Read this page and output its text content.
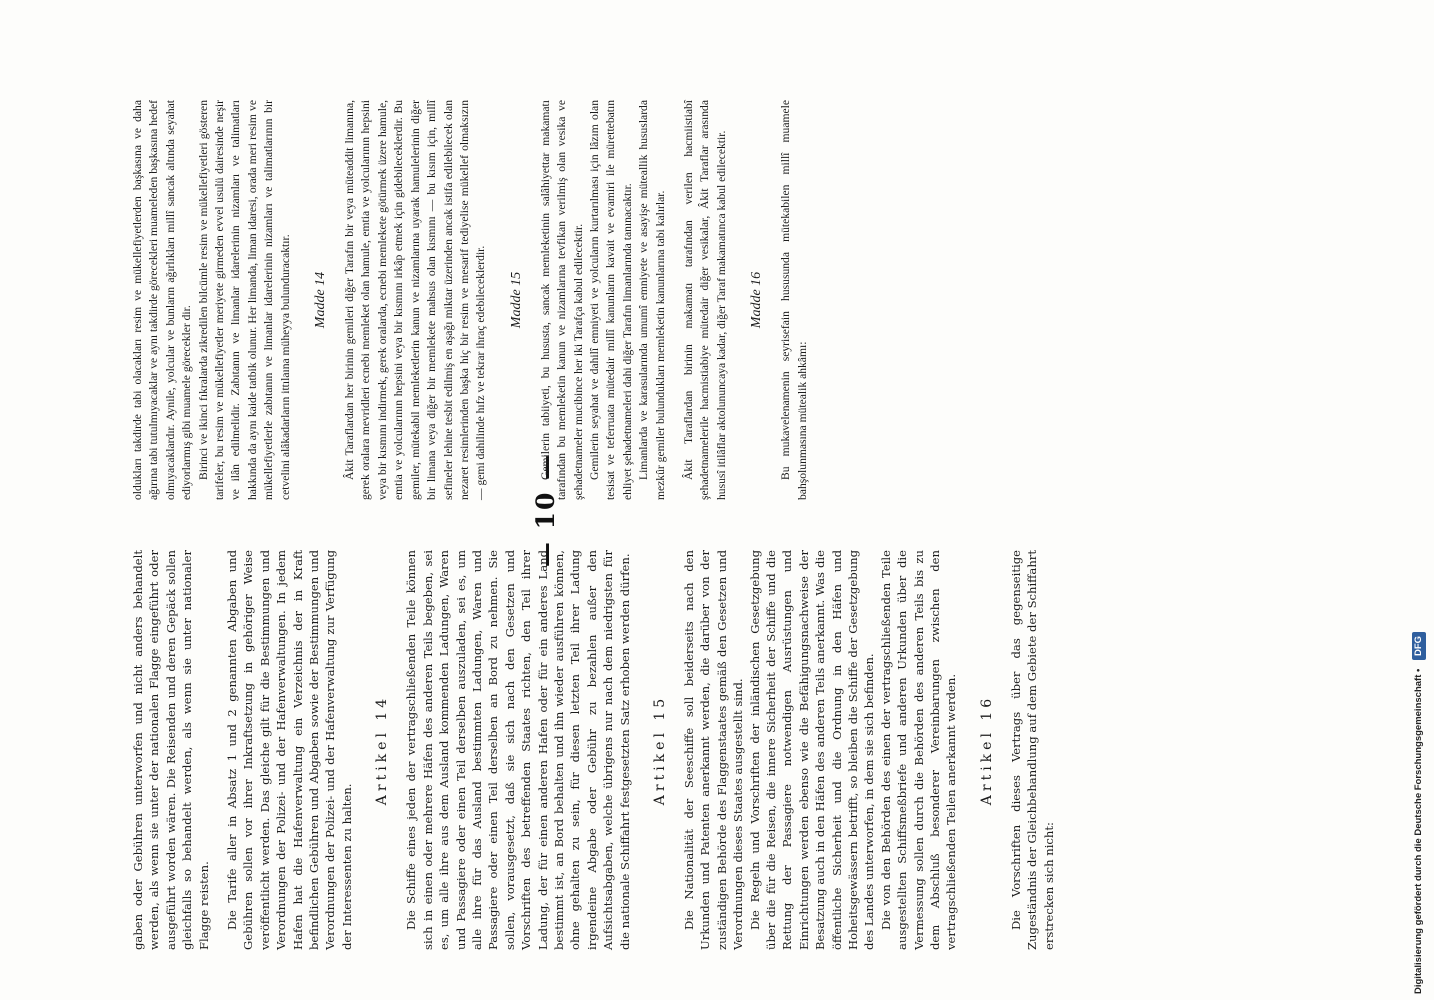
gaben oder Gebühren unterworfen und nicht anders behandelt werden, als wenn sie unter der nationalen Flagge eingeführt oder ausgeführt worden wären. Die Reisenden und deren Gepäck sollen gleichfalls so behandelt werden, als wenn sie unter nationaler Flagge reisten. Die Tarife aller in Absatz 1 und 2 genannten Abgaben und Gebühren sollen vor ihrer Inkraftsetzung in gehöriger Weise veröffentlicht werden. Das gleiche gilt für die Bestimmungen und Verordnungen der Polizei- und der Hafenverwaltungen. In jedem Hafen hat die Hafenverwaltung ein Verzeichnis der in Kraft befindlichen Gebühren und Abgaben sowie der Bestimmungen und Verordnungen der Polizei- und der Hafenverwaltung zur Verfügung der Interessenten zu halten.

Artikel 14 Die Schiffe eines jeden der vertragschließenden Teile können sich in einen oder mehrere Häfen des anderen Teils begeben, sei es, um alle ihre aus dem Ausland kommenden Ladungen, Waren und Passagiere oder einen Teil derselben auszuladen, sei es, um alle ihre für das Ausland bestimmten Ladungen, Waren und Passagiere oder einen Teil derselben an Bord zu nehmen. Sie sollen, vorausgesetzt, daß sie sich nach den Gesetzen und Vorschriften des betreffenden Staates richten, den Teil ihrer Ladung, der für einen anderen Hafen oder für ein anderes Land bestimmt ist, an Bord behalten und ihn wieder ausführen können, ohne gehalten zu sein, für diesen letzten Teil ihrer Ladung irgendeine Abgabe oder Gebühr zu bezahlen außer den Aufsichtsabgaben, welche übrigens nur nach dem niedrigsten für die nationale Schiffahrt festgesetzten Satz erhoben werden dürfen. Artikel 15 Die Nationalität der Seeschiffe soll beiderseits nach den Urkunden und Patenten anerkannt werden, die darüber von der zuständigen Behörde des Flaggenstaates gemäß den Gesetzen und Verordnungen dieses Staates ausgestellt sind. Die Regeln und Vorschriften der inländischen Gesetzgebung über die für die Reisen, die innere Sicherheit der Schiffe und die Rettung der Passagiere notwendigen Ausrüstungen und Einrichtungen werden ebenso wie die Befähigungsnachweise der Besatzung auch in den Häfen des anderen Teils anerkannt. Was die öffentliche Sicherheit und die Ordnung in den Häfen und Hoheitsgewässern betrifft, so bleiben die Schiffe der Gesetzgebung des Landes unterworfen, in dem sie sich befinden. Die von den Behörden des einen der vertragschließenden Teile ausgestellten Schiffsmeßbriefe und anderen Urkunden über die Vermessung sollen durch die Behörden des anderen Teils bis zu dem Abschluß besonderer Vereinbarungen zwischen den vertragschließenden Teilen anerkannt werden. Artikel 16 Die Vorschriften dieses Vertrags über das gegenseitige Zugeständnis der Gleichbehandlung auf dem Gebiete der Schiffahrt erstrecken sich nicht:

— 10 —

oldukları takdirde tabi olacakları resim ve mükellefiyetlerden başkasına ve daha ağırına tabi tutulmıyacaklar ve aynı takdirde görecekleri muameleden başkasına hedef olmıyacaklardır. Aynile, yolcular ve bunların ağırlıkları millî sancak altında seyahat ediyorlarmış gibi muamele görecekler dir. Birinci ve ikinci fıkralarda zikredilen bilcümle resim ve mükellefiyetleri gösteren tarifeler, bu resim ve mükellefiyetler meriyete girmeden evvel usulü dairesinde neşir ve ilân edilmelidir. Zabıtanın ve limanlar idarelerinin nizamları ve talimatları hakkında da aynı kaide tatbik olunur. Her limanda, liman idaresi, orada meri resim ve mükellefiyetlerle zabıtanın ve limanlar idarelerinin nizamları ve talimatlarının bir cetvelini alâkadarların ittılaına müheyya bulunduracaktır. Madde 14 Âkit Taraflardan her birinin gemileri diğer Tarafın bir veya müteaddit limanına, gerek oralara mevridleri ecnebi memleket olan hamule, emtia ve yolcularının hepsini veya bir kısmını indirmek, gerek oralarda, ecnebi memlekete götürmek üzere hamule, emtia ve yolcularının hepsini veya bir kısmını irkâp etmek için gidebileceklerdir. Bu gemiler, mütekabil memleketlerin kanun ve nizamlarına uyarak hamulelerinin diğer bir limana veya diğer bir memlekete mahsus olan kısmını — bu kısım için, millî sefineler lehine tesbit edilmiş en aşağı miktar üzerinden ancak istifa edilebilecek olan nezaret resimlerinden başka hiç bir resim ve mesarif tediyelise mükellef olmaksızın — gemi dahilinde hıfz ve tekrar ihraç edebileceklerdir. Madde 15 Gemilerin tabiiyeti, bu hususta, sancak memleketinin salâhiyettar makamatı tarafından bu memleketin kanun ve nizamlarına tevfikan verilmiş olan vesika ve şehadetnameler mucibince her iki Tarafça kabul edilecektir. Gemilerin seyahat ve dahilî emniyeti ve yolcuların kurtarılması için lâzım olan tesisat ve teferruata mütedair millî kanunların kavait ve evamiri ile mürettebatın ehliyet şehadetnameleri dahi diğer Tarafın limanlarında tanınacaktır. Limanlarda ve karasularında umumî emniyete ve asayişe müteallik hususlarda mezkûr gemiler bulundukları memleketin kanunlarına tabi kalırlar. Âkit Taraflardan birinin makamatı tarafından verilen hacmiistiabî şehadetnamelerile hacmistiabiye mütedair diğer vesikalar, Âkit Taraflar arasında hususî itilâflar aktolununcaya kadar, diğer Taraf makamatınca kabul edilecektir. Madde 16 Bu mukavelenamenin seyrisefain hususunda mütekabilen millî muamele bahşolunmasına mütealik ahkâmı:

Digitalisierung gefördert durch die Deutsche Forschungsgemeinschaft • DFG
